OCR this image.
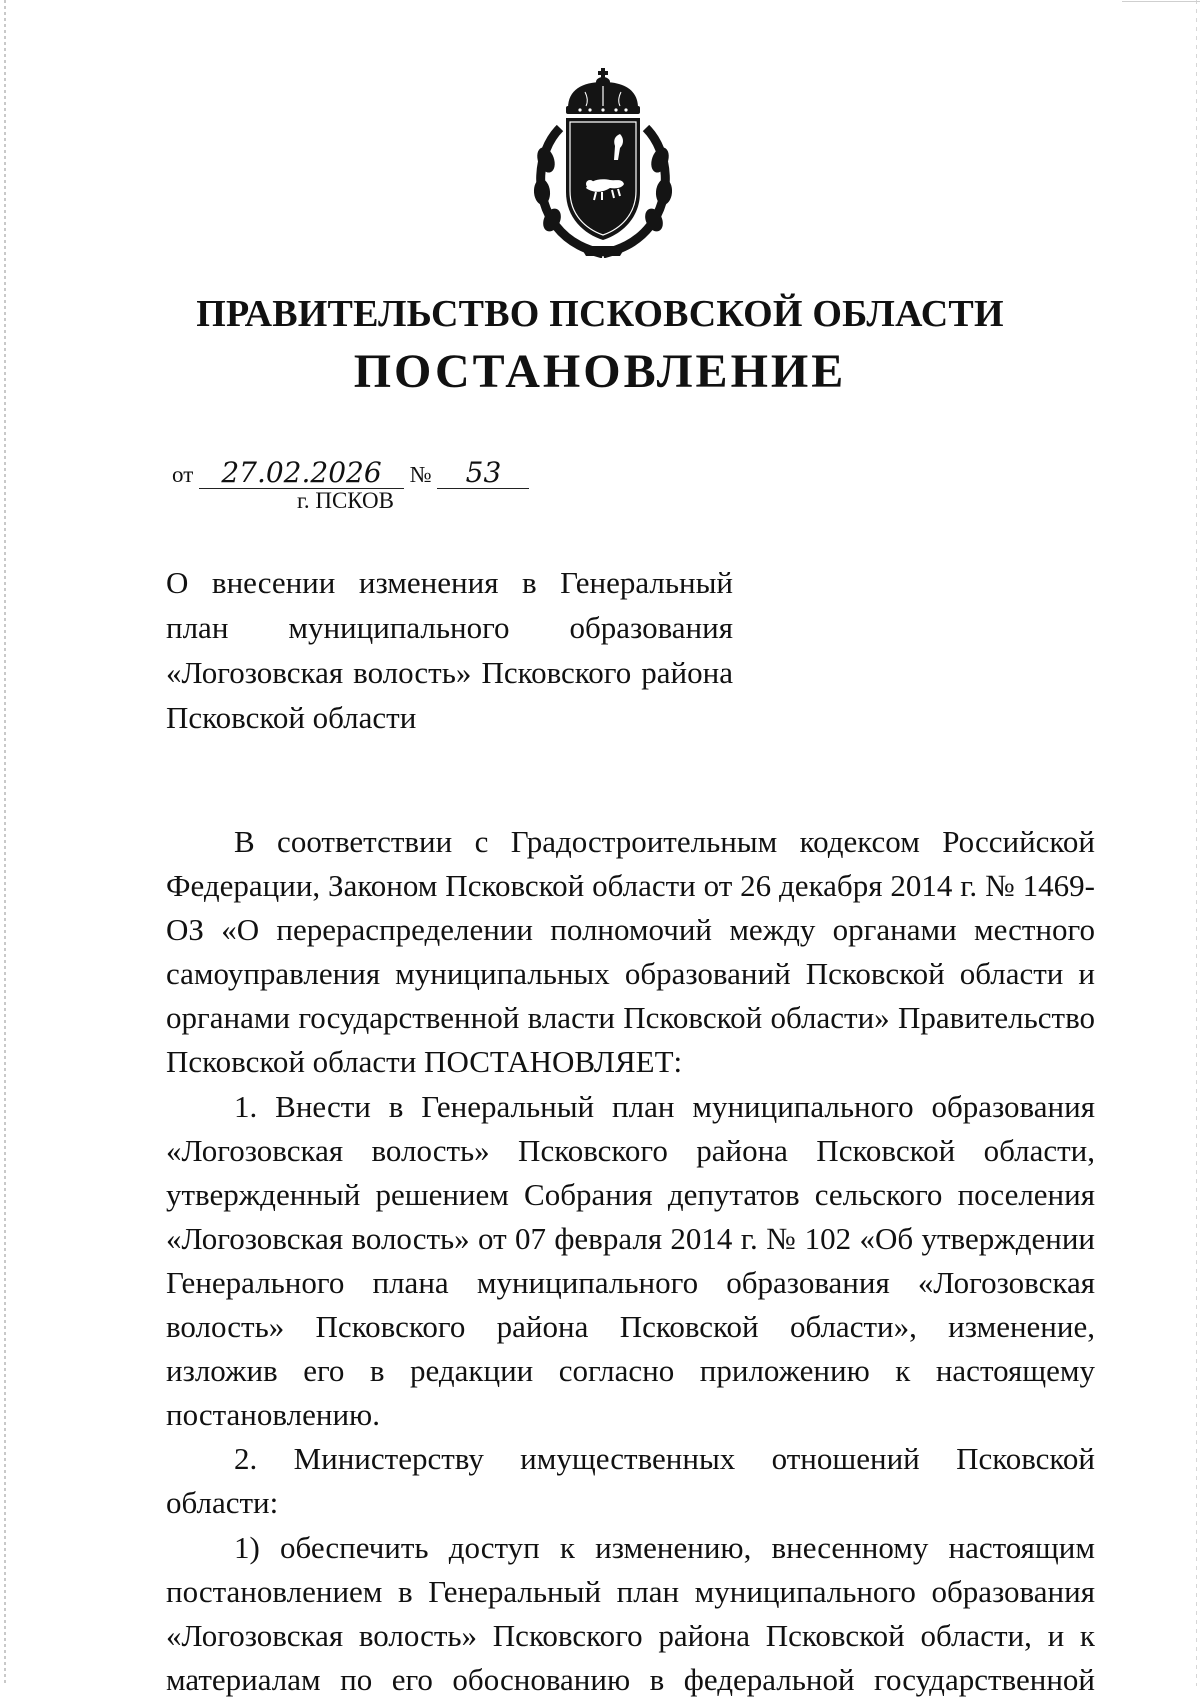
ПРАВИТЕЛЬСТВО ПСКОВСКОЙ ОБЛАСТИ
ПОСТАНОВЛЕНИЕ
от 27.02.2026 № 53
г. ПСКОВ

О внесении изменения в Генеральный план муниципального образования «Логозовская волость» Псковского района Псковской области

В соответствии с Градостроительным кодексом Российской Федерации, Законом Псковской области от 26 декабря 2014 г. № 1469-ОЗ «О перераспределении полномочий между органами местного самоуправления муниципальных образований Псковской области и органами государственной власти Псковской области» Правительство Псковской области ПОСТАНОВЛЯЕТ:

1. Внести в Генеральный план муниципального образования «Логозовская волость» Псковского района Псковской области, утвержденный решением Собрания депутатов сельского поселения «Логозовская волость» от 07 февраля 2014 г. № 102 «Об утверждении Генерального плана муниципального образования «Логозовская волость» Псковского района Псковской области», изменение, изложив его в редакции согласно приложению к настоящему постановлению.

2. Министерству имущественных отношений Псковской области:

1) обеспечить доступ к изменению, внесенному настоящим постановлением в Генеральный план муниципального образования «Логозовская волость» Псковского района Псковской области, и к материалам по его обоснованию в федеральной государственной
